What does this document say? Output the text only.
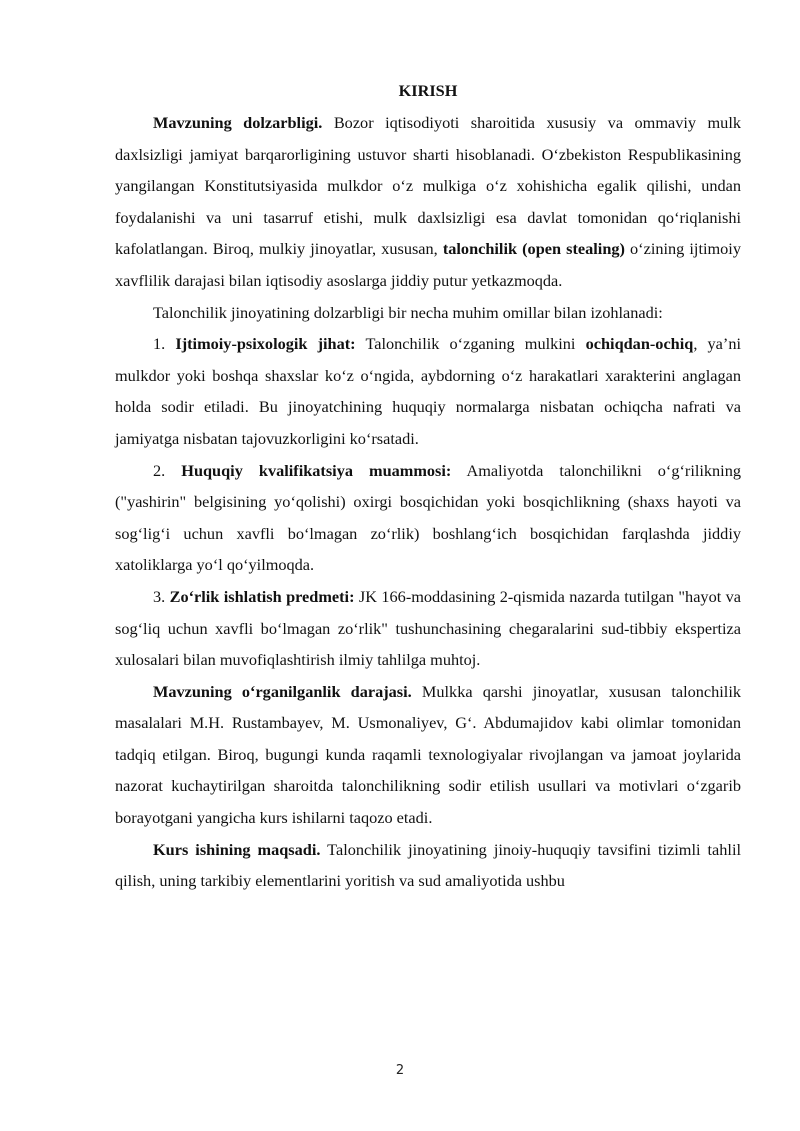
KIRISH

Mavzuning dolzarbligi. Bozor iqtisodiyoti sharoitida xususiy va ommaviy mulk daxlsizligi jamiyat barqarorligining ustuvor sharti hisoblanadi. O‘zbekiston Respublikasining yangilangan Konstitutsiyasida mulkdor o‘z mulkiga o‘z xohishicha egalik qilishi, undan foydalanishi va uni tasarruf etishi, mulk daxlsizligi esa davlat tomonidan qo‘riqlanishi kafolatlangan. Biroq, mulkiy jinoyatlar, xususan, talonchilik (open stealing) o‘zining ijtimoiy xavflilik darajasi bilan iqtisodiy asoslarga jiddiy putur yetkazmoqda.

Talonchilik jinoyatining dolzarbligi bir necha muhim omillar bilan izohlanadi:

1. Ijtimoiy-psixologik jihat: Talonchilik o‘zganing mulkini ochiqdan-ochiq, ya’ni mulkdor yoki boshqa shaxslar ko‘z o‘ngida, aybdorning o‘z harakatlari xarakterini anglagan holda sodir etiladi. Bu jinoyatchining huquqiy normalarga nisbatan ochiqcha nafrati va jamiyatga nisbatan tajovuzkorligini ko‘rsatadi.

2. Huquqiy kvalifikatsiya muammosi: Amaliyotda talonchilikni o‘g‘rilikning ("yashirin" belgisining yo‘qolishi) oxirgi bosqichidan yoki bosqichlikning (shaxs hayoti va sog‘lig‘i uchun xavfli bo‘lmagan zo‘rlik) boshlang‘ich bosqichidan farqlashda jiddiy xatoliklarga yo‘l qo‘yilmoqda.

3. Zo‘rlik ishlatish predmeti: JK 166-moddasining 2-qismida nazarda tutilgan "hayot va sog‘liq uchun xavfli bo‘lmagan zo‘rlik" tushunchasining chegaralarini sud-tibbiy ekspertiza xulosalari bilan muvofiqlashtirish ilmiy tahlilga muhtoj.

Mavzuning o‘rganilganlik darajasi. Mulkka qarshi jinoyatlar, xususan talonchilik masalalari M.H. Rustambayev, M. Usmonaliyev, G‘. Abdumajidov kabi olimlar tomonidan tadqiq etilgan. Biroq, bugungi kunda raqamli texnologiyalar rivojlangan va jamoat joylarida nazorat kuchaytirilgan sharoitda talonchilikning sodir etilish usullari va motivlari o‘zgarib borayotgani yangicha kurs ishilarni taqozo etadi.

Kurs ishining maqsadi. Talonchilik jinoyatining jinoiy-huquqiy tavsifini tizimli tahlil qilish, uning tarkibiy elementlarini yoritish va sud amaliyotida ushbu

2
